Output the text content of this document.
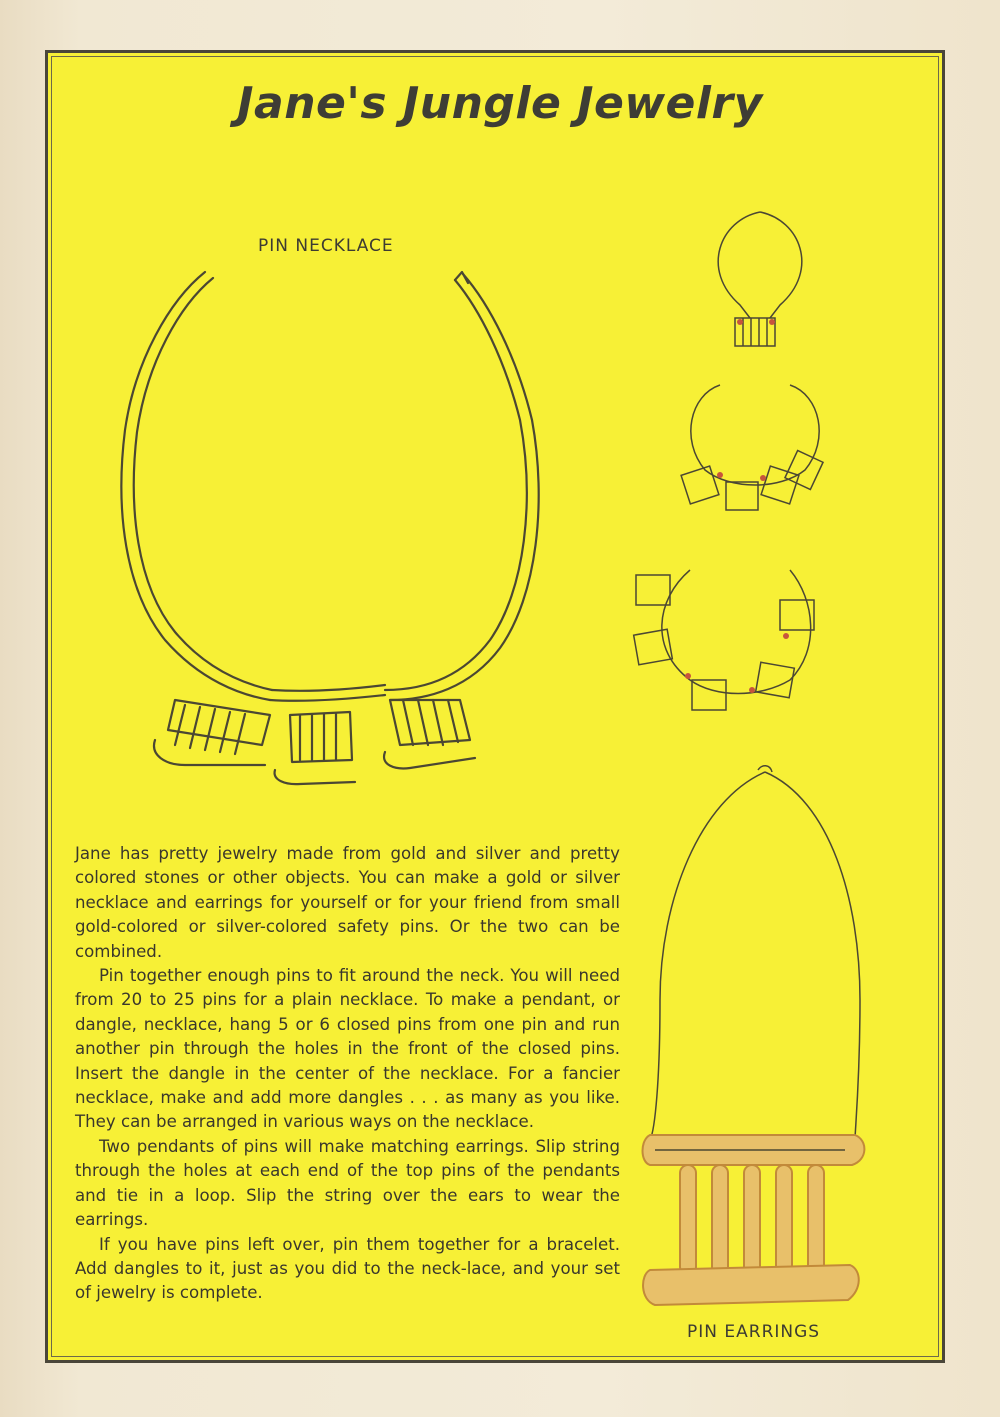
Jane's Jungle Jewelry
PIN NECKLACE
PIN EARRINGS

Jane has pretty jewelry made from gold and silver and pretty colored stones or other objects. You can make a gold or silver necklace and earrings for yourself or for your friend from small gold-colored or silver-colored safety pins. Or the two can be combined.

Pin together enough pins to fit around the neck. You will need from 20 to 25 pins for a plain necklace. To make a pendant, or dangle, necklace, hang 5 or 6 closed pins from one pin and run another pin through the holes in the front of the closed pins. Insert the dangle in the center of the necklace. For a fancier necklace, make and add more dangles . . . as many as you like. They can be arranged in various ways on the necklace.

Two pendants of pins will make matching earrings. Slip string through the holes at each end of the top pins of the pendants and tie in a loop. Slip the string over the ears to wear the earrings.

If you have pins left over, pin them together for a bracelet. Add dangles to it, just as you did to the neck-lace, and your set of jewelry is complete.
